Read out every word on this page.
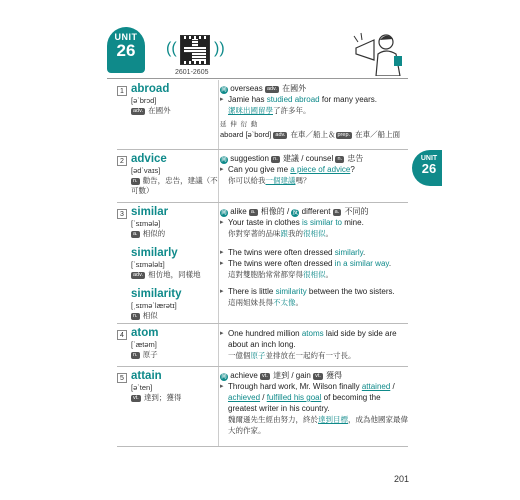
UNIT
26	(( ))
2601-2605
UNIT
26
1 abroad
[əˋbrɔd]
adv. 在國外
同 overseas adv. 在國外
▸ Jamie has studied abroad for many years.
潔咪出國留學了許多年。
延 伸 衍 動
aboard [əˋbord] adv. 在車／船上＆ prep. 在車／船上面
2 advice
[ədˋvaɪs]
n. 勸告，忠告，建議（不可數）
同 suggestion n. 建議 / counsel n. 忠告
▸ Can you give me a piece of advice?
你可以給我一個建議嗎？
3 similar
[ˋsɪmələ]
a. 相似的
similarly
[ˋsɪmələlɪ]
adv. 相仿地，同樣地
similarity
[ˌsɪməˋlærətɪ]
n. 相似
同 alike a. 相像的 / 反 different a. 不同的
▸ Your taste in clothes is similar to mine.
你對穿著的品味跟我的很相似。
▸ The twins were often dressed similarly.
▸ The twins were often dressed in a similar way.
這對雙胞胎常常都穿得很相似。
▸ There is little similarity between the two sisters.
這兩姐妹長得不太像。
4 atom
[ˋætəm]
n. 原子
▸ One hundred million atoms laid side by side are about an inch long.
一億個原子並排放在一起約有一寸長。
5 attain
[əˋten]
vt. 達到；獲得
同 achieve vt. 達到 / gain vt. 獲得
▸ Through hard work, Mr. Wilson finally attained / achieved / fulfilled his goal of becoming the greatest writer in his country.
魏爾遜先生經由努力，終於達到目標，成為他國家最偉大的作家。
201
